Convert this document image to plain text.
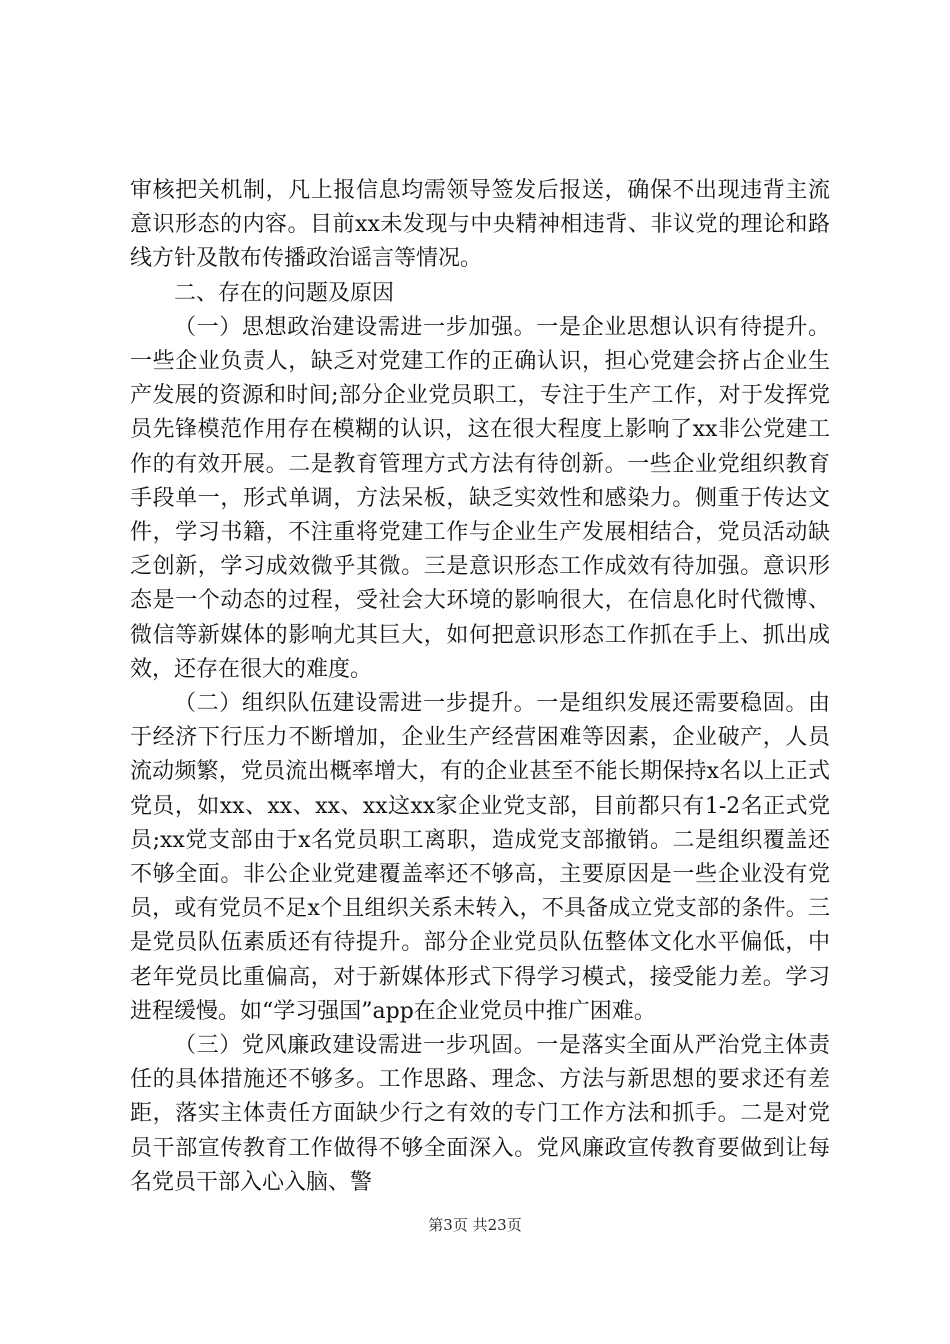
审核把关机制，凡上报信息均需领导签发后报送，确保不出现违背主流意识形态的内容。目前xx未发现与中央精神相违背、非议党的理论和路线方针及散布传播政治谣言等情况。

二、存在的问题及原因

（一）思想政治建设需进一步加强。一是企业思想认识有待提升。一些企业负责人，缺乏对党建工作的正确认识，担心党建会挤占企业生产发展的资源和时间;部分企业党员职工，专注于生产工作，对于发挥党员先锋模范作用存在模糊的认识，这在很大程度上影响了xx非公党建工作的有效开展。二是教育管理方式方法有待创新。一些企业党组织教育手段单一，形式单调，方法呆板，缺乏实效性和感染力。侧重于传达文件，学习书籍，不注重将党建工作与企业生产发展相结合，党员活动缺乏创新，学习成效微乎其微。三是意识形态工作成效有待加强。意识形态是一个动态的过程，受社会大环境的影响很大，在信息化时代微博、微信等新媒体的影响尤其巨大，如何把意识形态工作抓在手上、抓出成效，还存在很大的难度。

（二）组织队伍建设需进一步提升。一是组织发展还需要稳固。由于经济下行压力不断增加，企业生产经营困难等因素，企业破产，人员流动频繁，党员流出概率增大，有的企业甚至不能长期保持x名以上正式党员，如xx、xx、xx、xx这xx家企业党支部，目前都只有1-2名正式党员;xx党支部由于x名党员职工离职，造成党支部撤销。二是组织覆盖还不够全面。非公企业党建覆盖率还不够高，主要原因是一些企业没有党员，或有党员不足x个且组织关系未转入，不具备成立党支部的条件。三是党员队伍素质还有待提升。部分企业党员队伍整体文化水平偏低，中老年党员比重偏高，对于新媒体形式下得学习模式，接受能力差。学习进程缓慢。如“学习强国”app在企业党员中推广困难。

（三）党风廉政建设需进一步巩固。一是落实全面从严治党主体责任的具体措施还不够多。工作思路、理念、方法与新思想的要求还有差距，落实主体责任方面缺少行之有效的专门工作方法和抓手。二是对党员干部宣传教育工作做得不够全面深入。党风廉政宣传教育要做到让每名党员干部入心入脑、警

第3页 共23页
